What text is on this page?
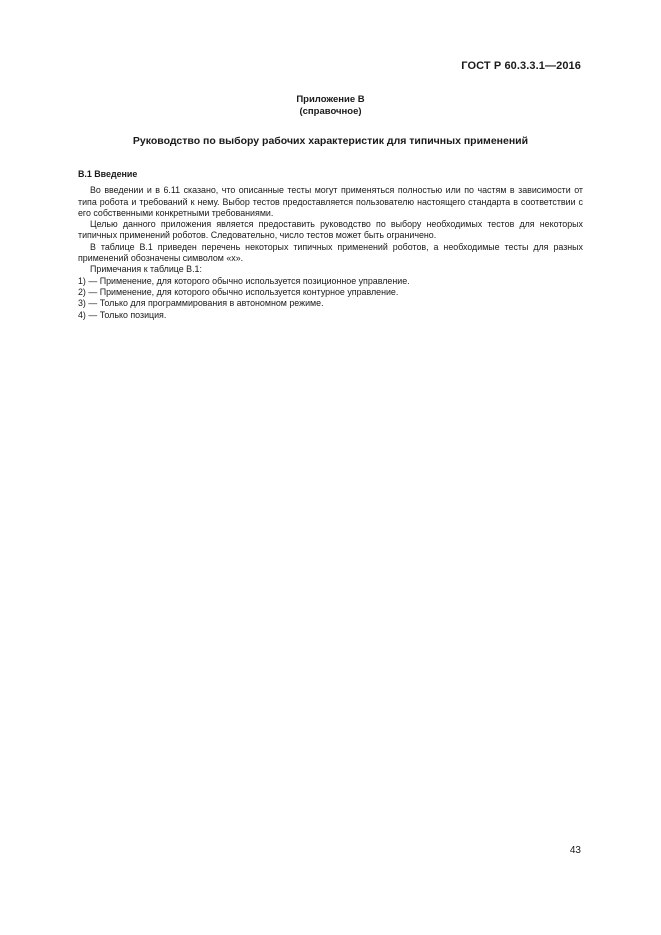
ГОСТ Р 60.3.3.1—2016
Приложение В
(справочное)
Руководство по выбору рабочих характеристик для типичных применений

В.1 Введение

Во введении и в 6.11 сказано, что описанные тесты могут применяться полностью или по частям в зависимости от типа робота и требований к нему. Выбор тестов предоставляется пользователю настоящего стандарта в соответствии с его собственными конкретными требованиями.

Целью данного приложения является предоставить руководство по выбору необходимых тестов для некоторых типичных применений роботов. Следовательно, число тестов может быть ограничено.

В таблице В.1 приведен перечень некоторых типичных применений роботов, а необходимые тесты для разных применений обозначены символом «х».

Примечания к таблице В.1:

1) — Применение, для которого обычно используется позиционное управление.

2) — Применение, для которого обычно используется контурное управление.

3) — Только для программирования в автономном режиме.

4) — Только позиция.

43
